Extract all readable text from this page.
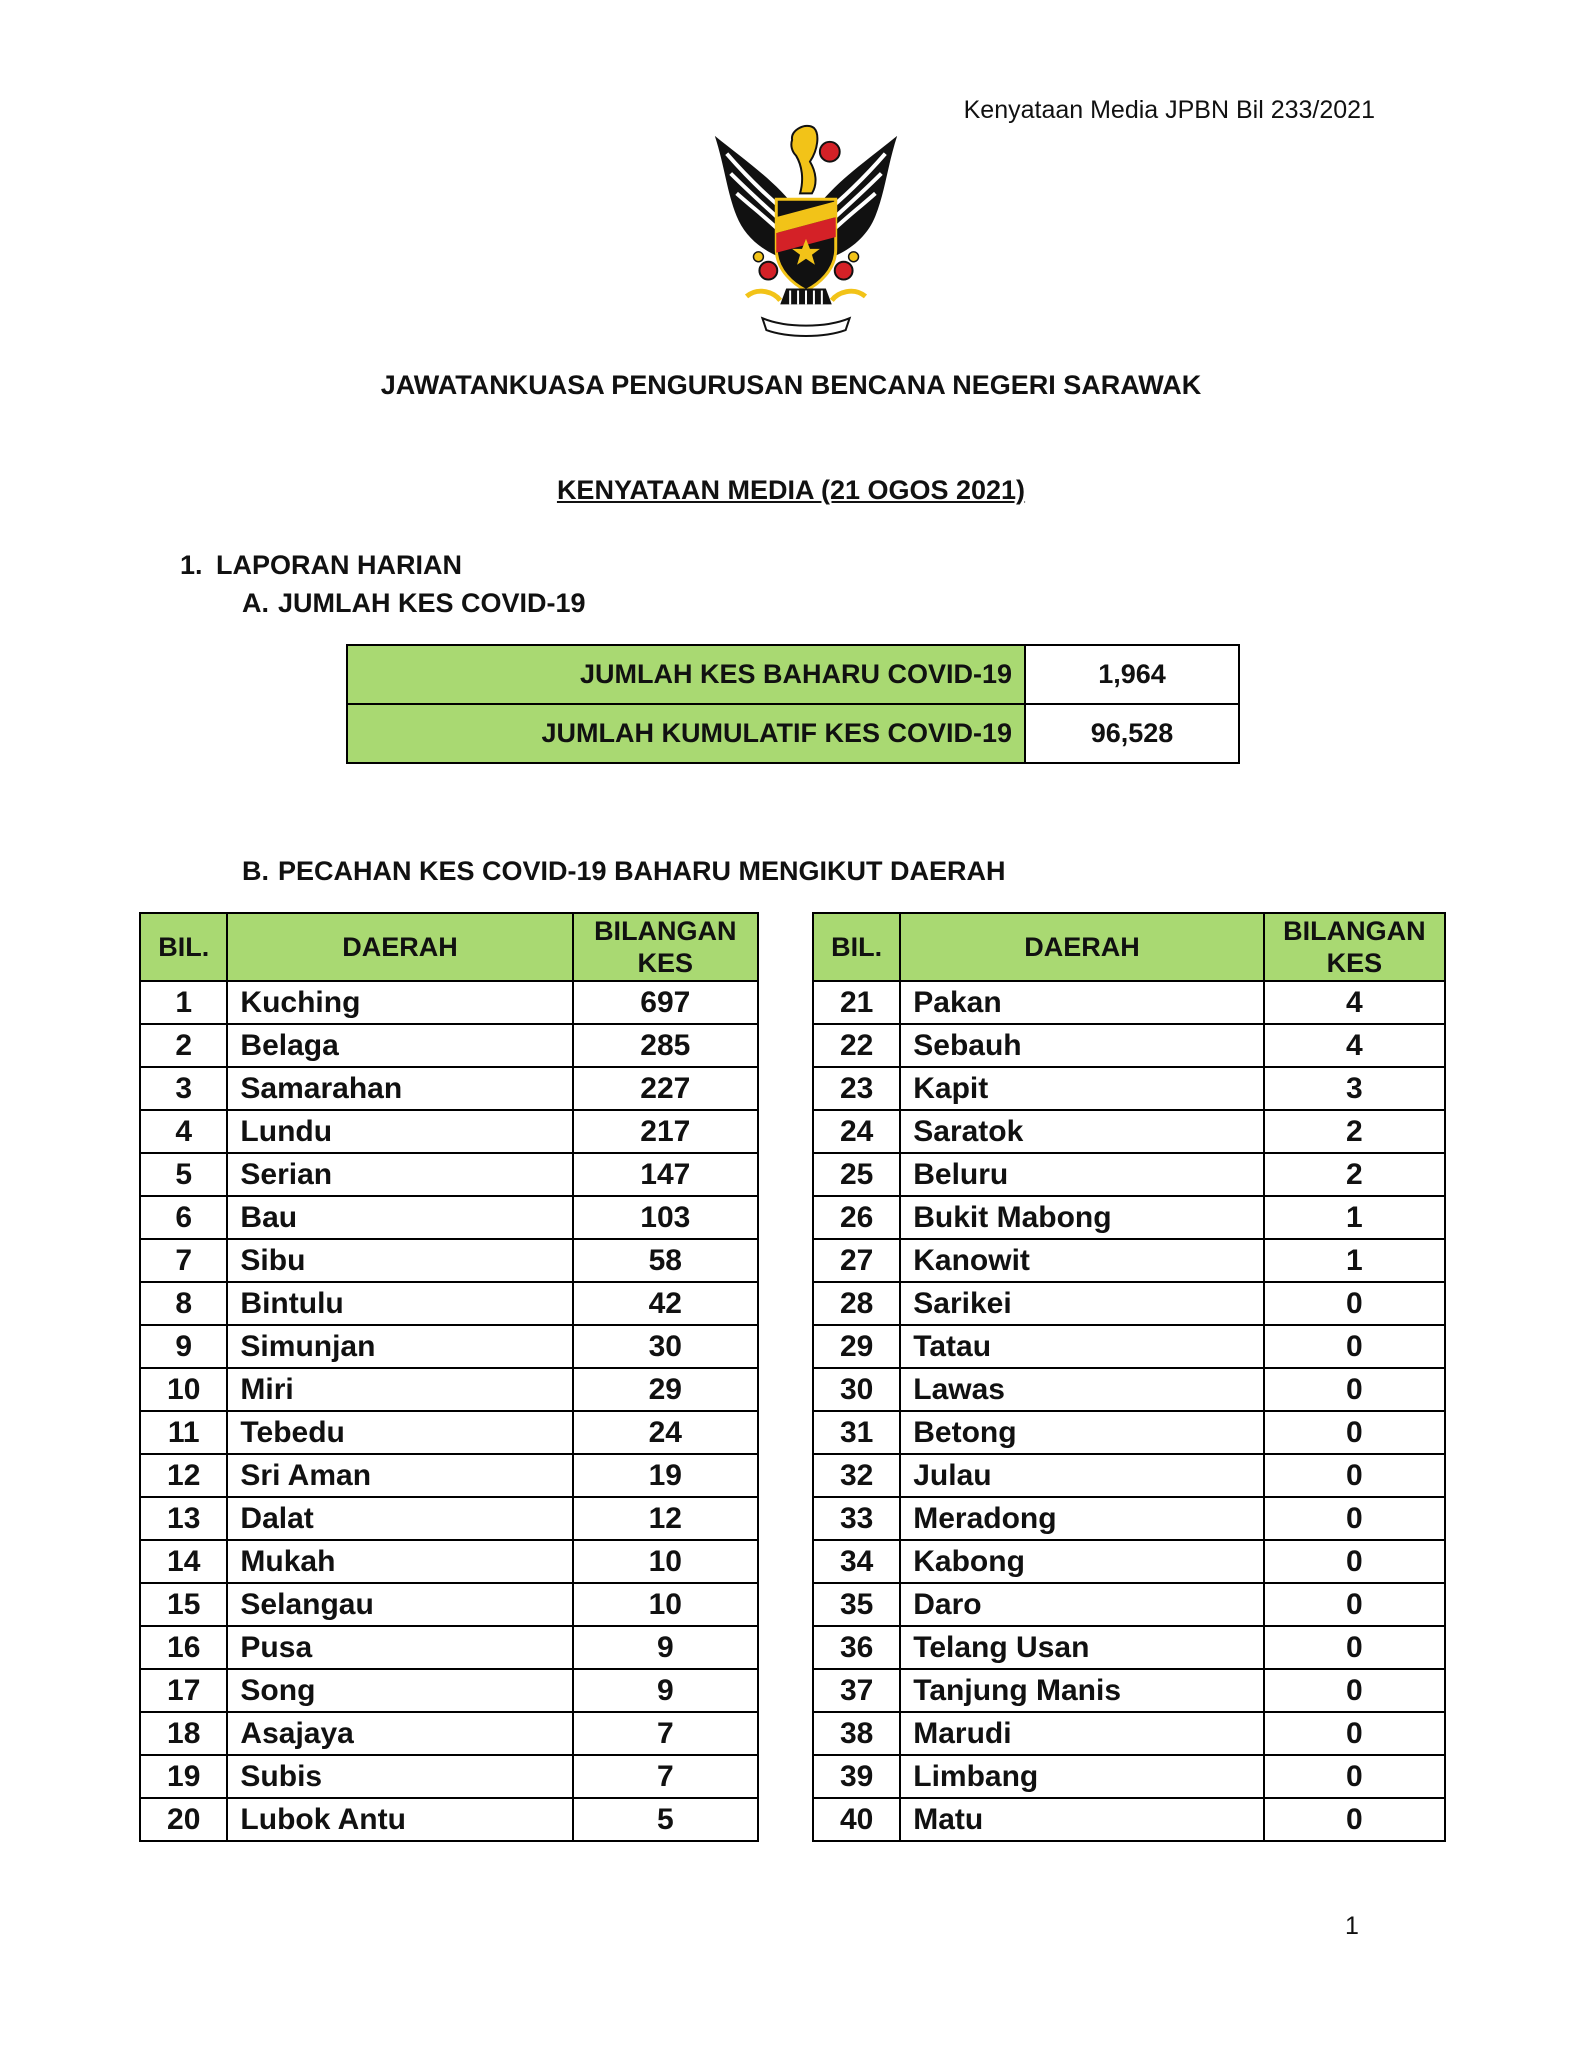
Kenyataan Media JPBN Bil 233/2021
JAWATANKUASA PENGURUSAN BENCANA NEGERI SARAWAK
KENYATAAN MEDIA (21 OGOS 2021)
1. LAPORAN HARIAN
A. JUMLAH KES COVID-19
JUMLAH KES BAHARU COVID-19	1,964
JUMLAH KUMULATIF KES COVID-19	96,528
B. PECAHAN KES COVID-19 BAHARU MENGIKUT DAERAH
BIL.	DAERAH	BILANGAN
KES

1	Kuching	697
2	Belaga	285
3	Samarahan	227
4	Lundu	217
5	Serian	147
6	Bau	103
7	Sibu	58
8	Bintulu	42
9	Simunjan	30
10	Miri	29
11	Tebedu	24
12	Sri Aman	19
13	Dalat	12
14	Mukah	10
15	Selangau	10
16	Pusa	9
17	Song	9
18	Asajaya	7
19	Subis	7
20	Lubok Antu	5
BIL.	DAERAH	BILANGAN
KES

21	Pakan	4
22	Sebauh	4
23	Kapit	3
24	Saratok	2
25	Beluru	2
26	Bukit Mabong	1
27	Kanowit	1
28	Sarikei	0
29	Tatau	0
30	Lawas	0
31	Betong	0
32	Julau	0
33	Meradong	0
34	Kabong	0
35	Daro	0
36	Telang Usan	0
37	Tanjung Manis	0
38	Marudi	0
39	Limbang	0
40	Matu	0
1
